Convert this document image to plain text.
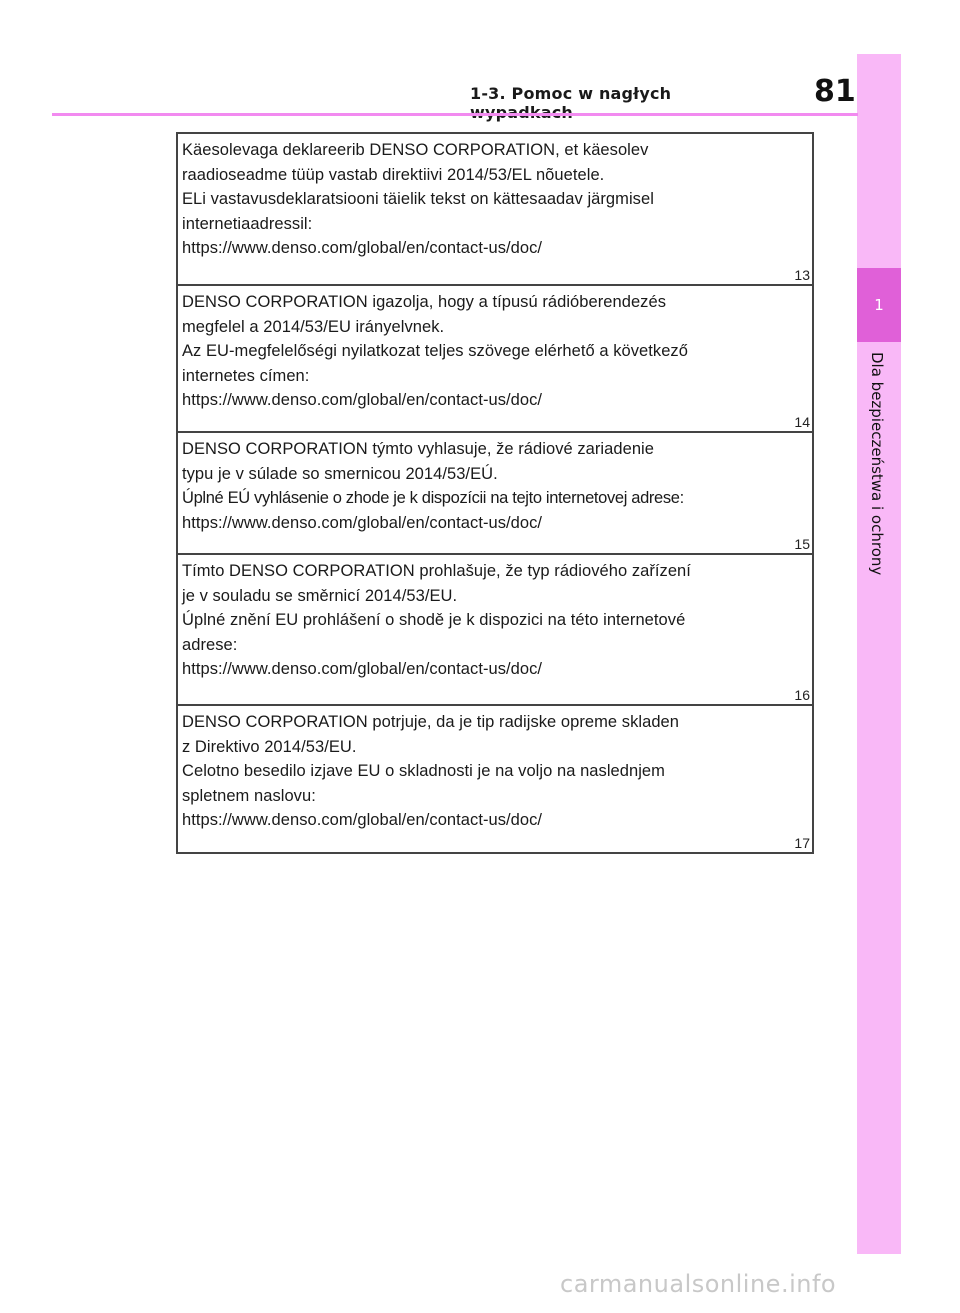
1
Dla bezpieczeństwa i ochrony
1-3. Pomoc w nagłych	81
Käesolevaga deklareerib DENSO CORPORATION, et käesolev
raadioseadme tüüp vastab direktiivi 2014/53/EL nõuetele.
ELi vastavusdeklaratsiooni täielik tekst on kättesaadav järgmisel
internetiaadressil:
https://www.denso.com/global/en/contact-us/doc/
13
DENSO CORPORATION igazolja, hogy a típusú rádióberendezés
megfelel a 2014/53/EU irányelvnek.
Az EU-megfelelőségi nyilatkozat teljes szövege elérhető a következő
internetes címen:
https://www.denso.com/global/en/contact-us/doc/
14
DENSO CORPORATION týmto vyhlasuje, že rádiové zariadenie
typu je v súlade so smernicou 2014/53/EÚ.
Úplné EÚ vyhlásenie o zhode je k dispozícii na tejto internetovej adrese:
https://www.denso.com/global/en/contact-us/doc/
15
Tímto DENSO CORPORATION prohlašuje, že typ rádiového zařízení
je v souladu se směrnicí 2014/53/EU.
Úplné znění EU prohlášení o shodě je k dispozici na této internetové
adrese:
https://www.denso.com/global/en/contact-us/doc/
16
DENSO CORPORATION potrjuje, da je tip radijske opreme skladen
z Direktivo 2014/53/EU.
Celotno besedilo izjave EU o skladnosti je na voljo na naslednjem
spletnem naslovu:
https://www.denso.com/global/en/contact-us/doc/
17
carmanualsonline.info
